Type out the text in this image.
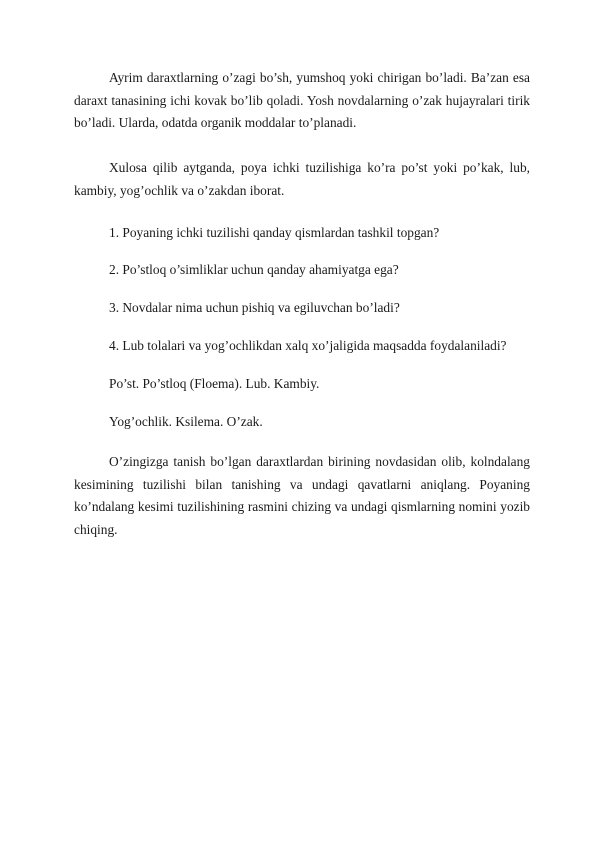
Ayrim daraxtlarning o’zagi bo’sh, yumshoq yoki chirigan bo’ladi. Ba’zan esa daraxt tanasining ichi kovak bo’lib qoladi. Yosh novdalarning o’zak hujayralari tirik bo’ladi. Ularda, odatda organik moddalar to’planadi.

Xulosa qilib aytganda, poya ichki tuzilishiga ko’ra po’st yoki po’kak, lub, kambiy, yog’ochlik va o’zakdan iborat.

1. Poyaning ichki tuzilishi qanday qismlardan tashkil topgan?

2. Po’stloq o’simliklar uchun qanday ahamiyatga ega?

3. Novdalar nima uchun pishiq va egiluvchan bo’ladi?

4. Lub tolalari va yog’ochlikdan xalq xo’jaligida maqsadda foydalaniladi?

Po’st. Po’stloq (Floema). Lub. Kambiy.

Yog’ochlik. Ksilema. O’zak.

O’zingizga tanish bo’lgan daraxtlardan birining novdasidan olib, kolndalang kesimining tuzilishi bilan tanishing va undagi qavatlarni aniqlang. Poyaning ko’ndalang kesimi tuzilishining rasmini chizing va undagi qismlarning nomini yozib chiqing.
